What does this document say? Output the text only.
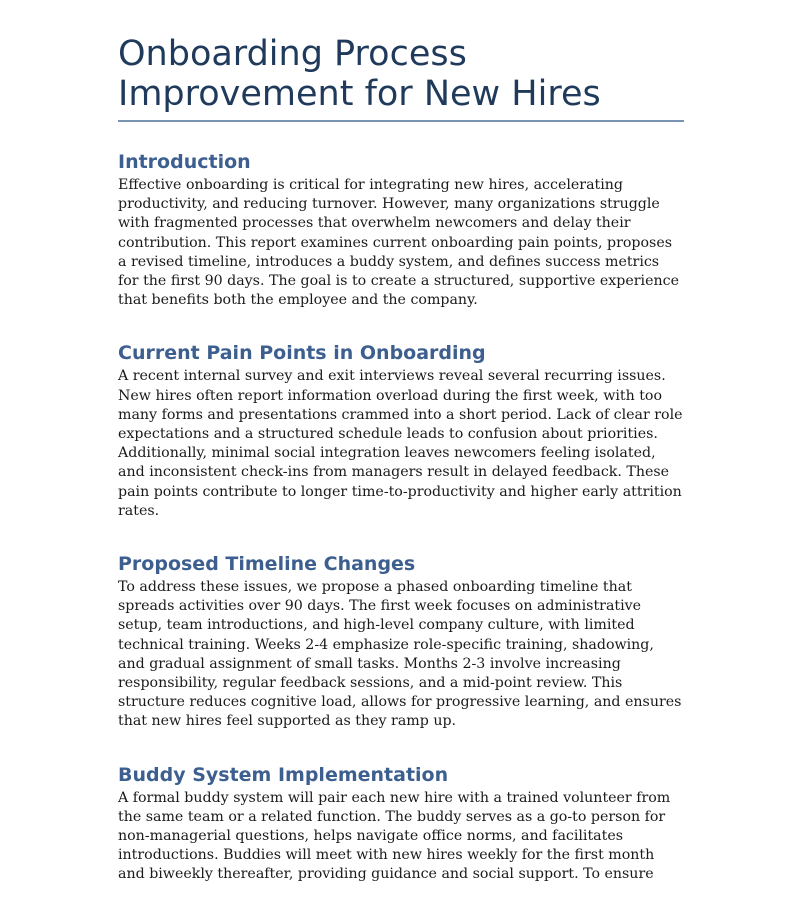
Onboarding Process
Improvement for New Hires
Introduction

Effective onboarding is critical for integrating new hires, accelerating productivity, and reducing turnover. However, many organizations struggle with fragmented processes that overwhelm newcomers and delay their contribution. This report examines current onboarding pain points, proposes a revised timeline, introduces a buddy system, and defines success metrics for the first 90 days. The goal is to create a structured, supportive experience that benefits both the employee and the company.

Current Pain Points in Onboarding

A recent internal survey and exit interviews reveal several recurring issues. New hires often report information overload during the first week, with too many forms and presentations crammed into a short period. Lack of clear role expectations and a structured schedule leads to confusion about priorities. Additionally, minimal social integration leaves newcomers feeling isolated, and inconsistent check-ins from managers result in delayed feedback. These pain points contribute to longer time-to-productivity and higher early attrition rates.

Proposed Timeline Changes

To address these issues, we propose a phased onboarding timeline that spreads activities over 90 days. The first week focuses on administrative setup, team introductions, and high-level company culture, with limited technical training. Weeks 2-4 emphasize role-specific training, shadowing, and gradual assignment of small tasks. Months 2-3 involve increasing responsibility, regular feedback sessions, and a mid-point review. This structure reduces cognitive load, allows for progressive learning, and ensures that new hires feel supported as they ramp up.

Buddy System Implementation

A formal buddy system will pair each new hire with a trained volunteer from the same team or a related function. The buddy serves as a go-to person for non-managerial questions, helps navigate office norms, and facilitates introductions. Buddies will meet with new hires weekly for the first month and biweekly thereafter, providing guidance and social support. To ensure
